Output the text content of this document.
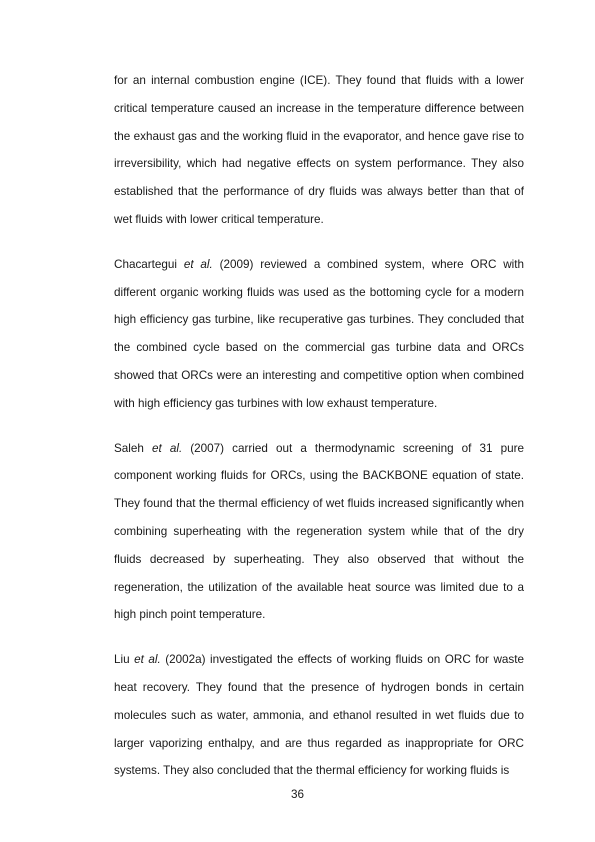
for an internal combustion engine (ICE). They found that fluids with a lower critical temperature caused an increase in the temperature difference between the exhaust gas and the working fluid in the evaporator, and hence gave rise to irreversibility, which had negative effects on system performance. They also established that the performance of dry fluids was always better than that of wet fluids with lower critical temperature.

Chacartegui et al. (2009) reviewed a combined system, where ORC with different organic working fluids was used as the bottoming cycle for a modern high efficiency gas turbine, like recuperative gas turbines. They concluded that the combined cycle based on the commercial gas turbine data and ORCs showed that ORCs were an interesting and competitive option when combined with high efficiency gas turbines with low exhaust temperature.

Saleh et al. (2007) carried out a thermodynamic screening of 31 pure component working fluids for ORCs, using the BACKBONE equation of state. They found that the thermal efficiency of wet fluids increased significantly when combining superheating with the regeneration system while that of the dry fluids decreased by superheating. They also observed that without the regeneration, the utilization of the available heat source was limited due to a high pinch point temperature.

Liu et al. (2002a) investigated the effects of working fluids on ORC for waste heat recovery. They found that the presence of hydrogen bonds in certain molecules such as water, ammonia, and ethanol resulted in wet fluids due to larger vaporizing enthalpy, and are thus regarded as inappropriate for ORC systems. They also concluded that the thermal efficiency for working fluids is

36
